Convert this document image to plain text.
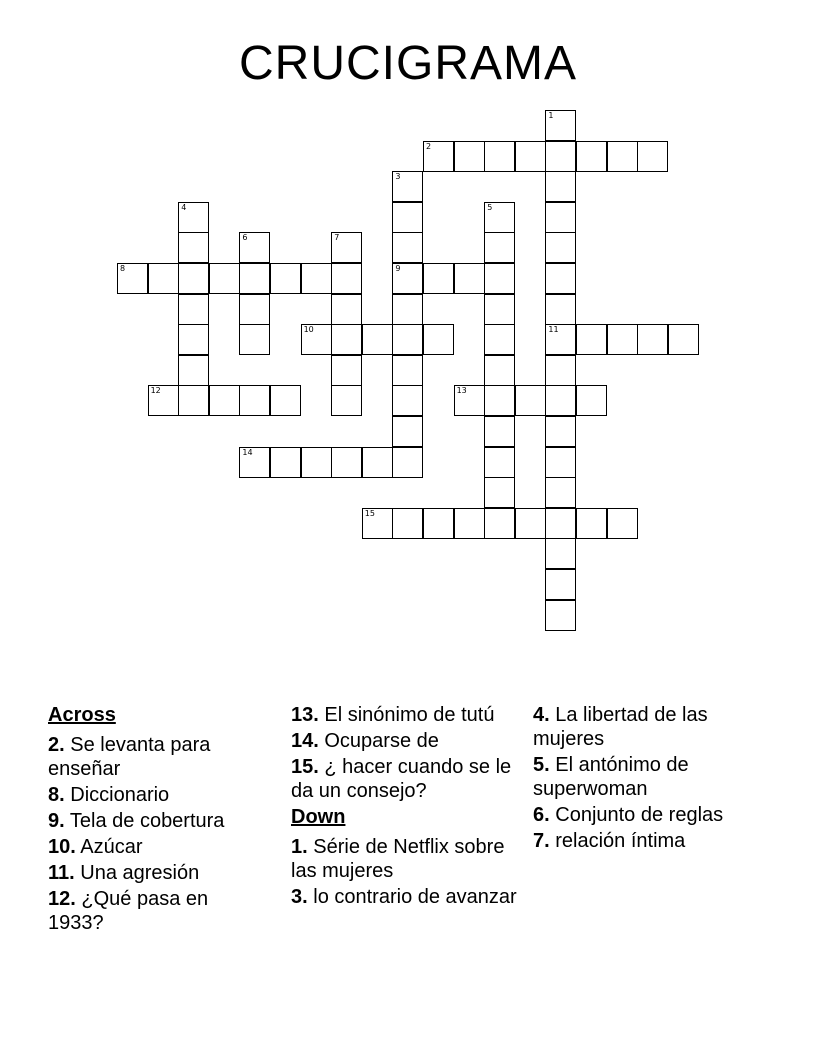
CRUCIGRAMA
2
8	9
10	11
12	13
14
15
1
3
4	5
6	7
Across
2. Se levanta para enseñar
8. Diccionario
9. Tela de cobertura
10. Azúcar
11. Una agresión
12. ¿Qué pasa en 1933?
13. El sinónimo de tutú
14. Ocuparse de
15. ¿ hacer cuando se le da un consejo?
Down
1. Série de Netflix sobre las mujeres
3. lo contrario de avanzar
4. La libertad de las mujeres
5. El antónimo de superwoman
6. Conjunto de reglas
7. relación íntima
